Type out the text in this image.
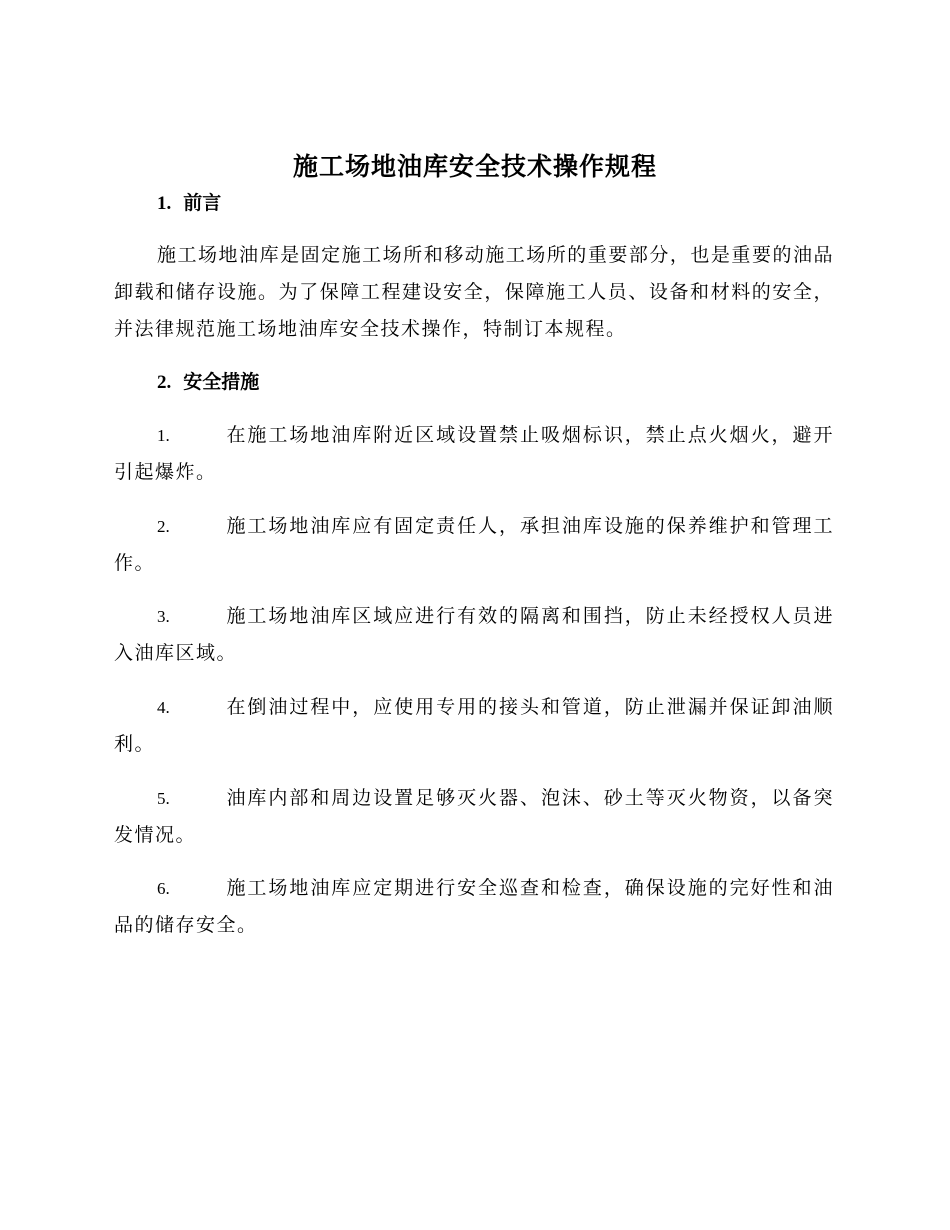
施工场地油库安全技术操作规程
1. 前言
施工场地油库是固定施工场所和移动施工场所的重要部分，也是重要的油品卸载和储存设施。为了保障工程建设安全，保障施工人员、设备和材料的安全，并法律规范施工场地油库安全技术操作，特制订本规程。
2. 安全措施
1.	在施工场地油库附近区域设置禁止吸烟标识，禁止点火烟火，避开引起爆炸。
2.	施工场地油库应有固定责任人，承担油库设施的保养维护和管理工作。
3.	施工场地油库区域应进行有效的隔离和围挡，防止未经授权人员进入油库区域。
4.	在倒油过程中，应使用专用的接头和管道，防止泄漏并保证卸油顺利。
5.	油库内部和周边设置足够灭火器、泡沫、砂土等灭火物资，以备突发情况。
6.	施工场地油库应定期进行安全巡查和检查，确保设施的完好性和油品的储存安全。
